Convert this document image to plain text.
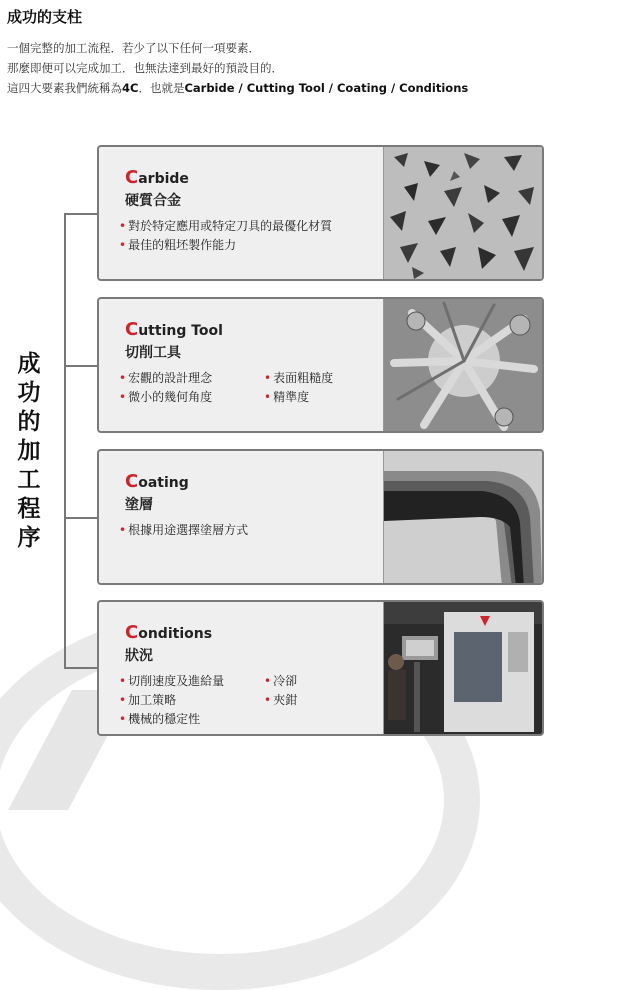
成功的支柱
一個完整的加工流程．若少了以下任何一項要素．
那麼即便可以完成加工．也無法達到最好的預設目的．
這四大要素我們統稱為4C．也就是Carbide / Cutting Tool / Coating / Conditions
成
功
的
加
工
程
序
Carbide
硬質合金
• 對於特定應用或特定刀具的最優化材質
• 最佳的粗坯製作能力
Cutting Tool
切削工具
• 宏觀的設計理念
• 微小的幾何角度
• 表面粗糙度
• 精準度
Coating
塗層
• 根據用途選擇塗層方式
Conditions
狀況
• 切削速度及進給量
• 加工策略
• 機械的穩定性
• 冷卻
• 夾鉗
